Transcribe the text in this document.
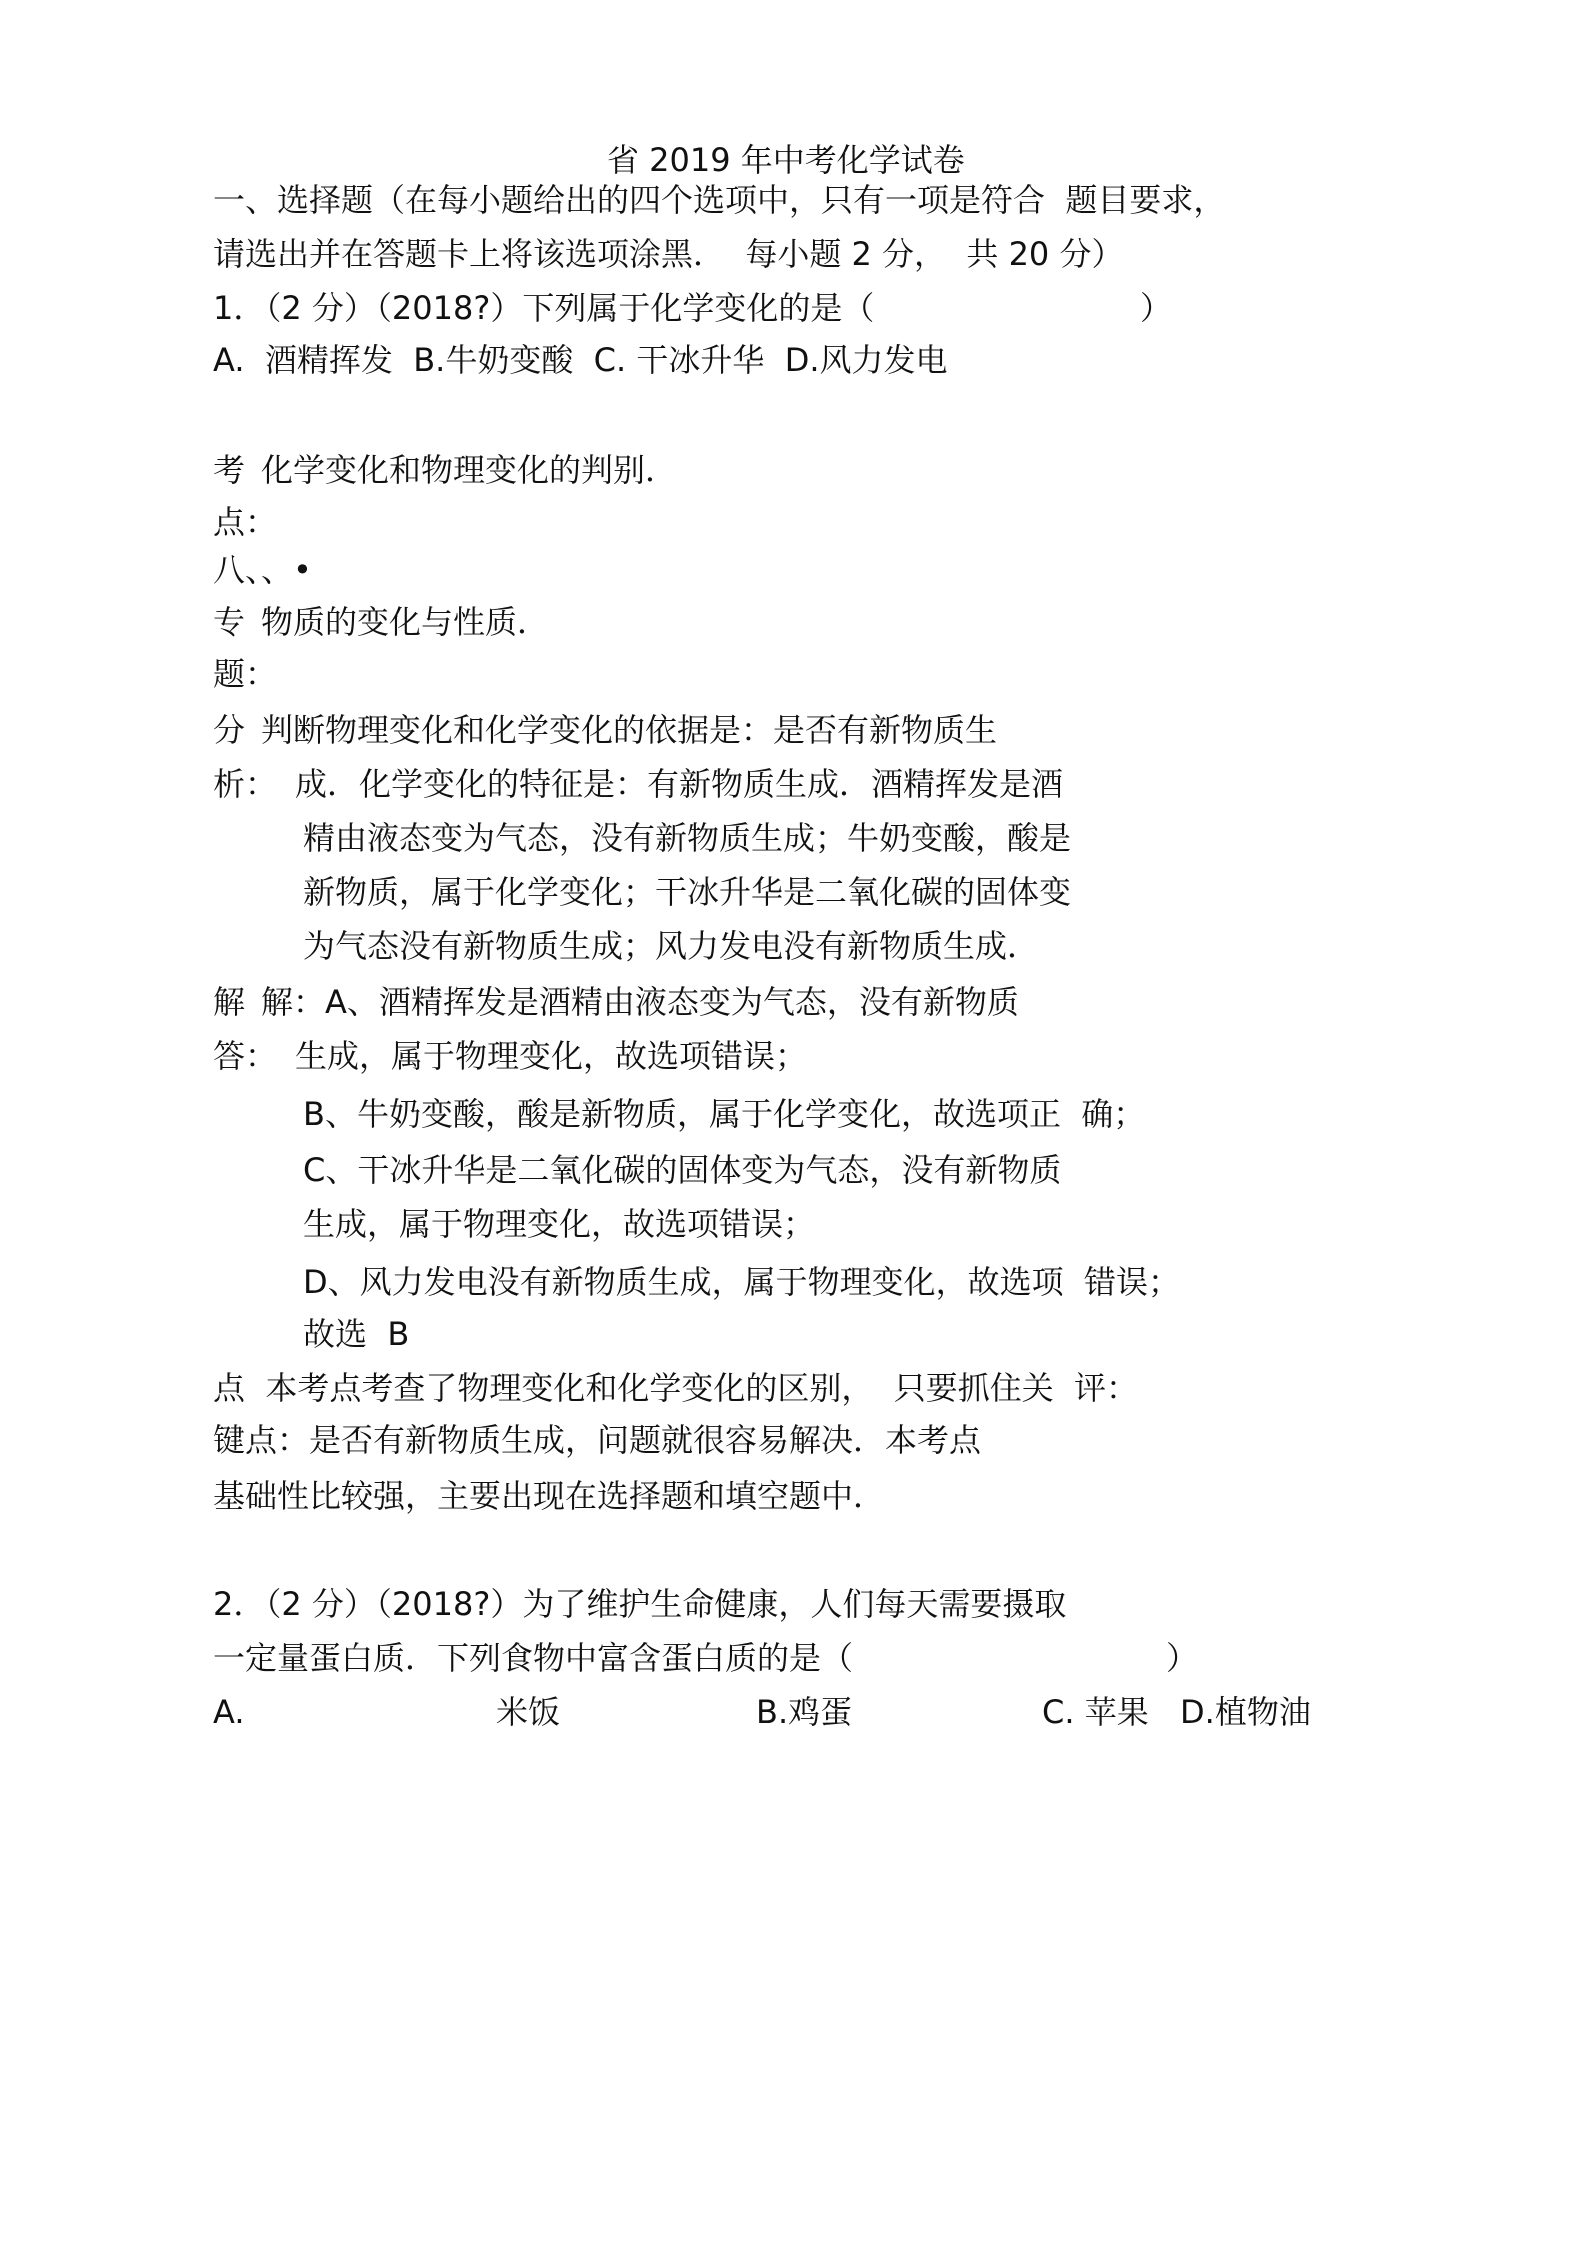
省 2019 年中考化学试卷
一、选择题（在每小题给出的四个选项中，只有一项是符合  题目要求，
请选出并在答题卡上将该选项涂黑．  每小题 2 分，  共 20 分）
1．（2 分）（2018?）下列属于化学变化的是（	）
A.  酒精挥发  B.牛奶变酸  C. 干冰升华  D.风力发电
考 化学变化和物理变化的判别．
点：
八、、•
专 物质的变化与性质．
题：
分 判断物理变化和化学变化的依据是：是否有新物质生
析： 成．化学变化的特征是：有新物质生成．酒精挥发是酒
精由液态变为气态，没有新物质生成；牛奶变酸，酸是
新物质，属于化学变化；干冰升华是二氧化碳的固体变
为气态没有新物质生成；风力发电没有新物质生成．
解 解：A、酒精挥发是酒精由液态变为气态，没有新物质
答： 生成，属于物理变化，故选项错误；
B、牛奶变酸，酸是新物质，属于化学变化，故选项正  确；
C、干冰升华是二氧化碳的固体变为气态，没有新物质
生成，属于物理变化，故选项错误；
D、风力发电没有新物质生成，属于物理变化，故选项  错误；
故选  B
点  本考点考查了物理变化和化学变化的区别，  只要抓住关  评：
键点：是否有新物质生成，问题就很容易解决．本考点
基础性比较强，主要出现在选择题和填空题中．
2．（2 分）（2018?）为了维护生命健康，人们每天需要摄取
一定量蛋白质．下列食物中富含蛋白质的是（	）
A.	米饭	B.鸡蛋	C. 苹果 D.植物油
